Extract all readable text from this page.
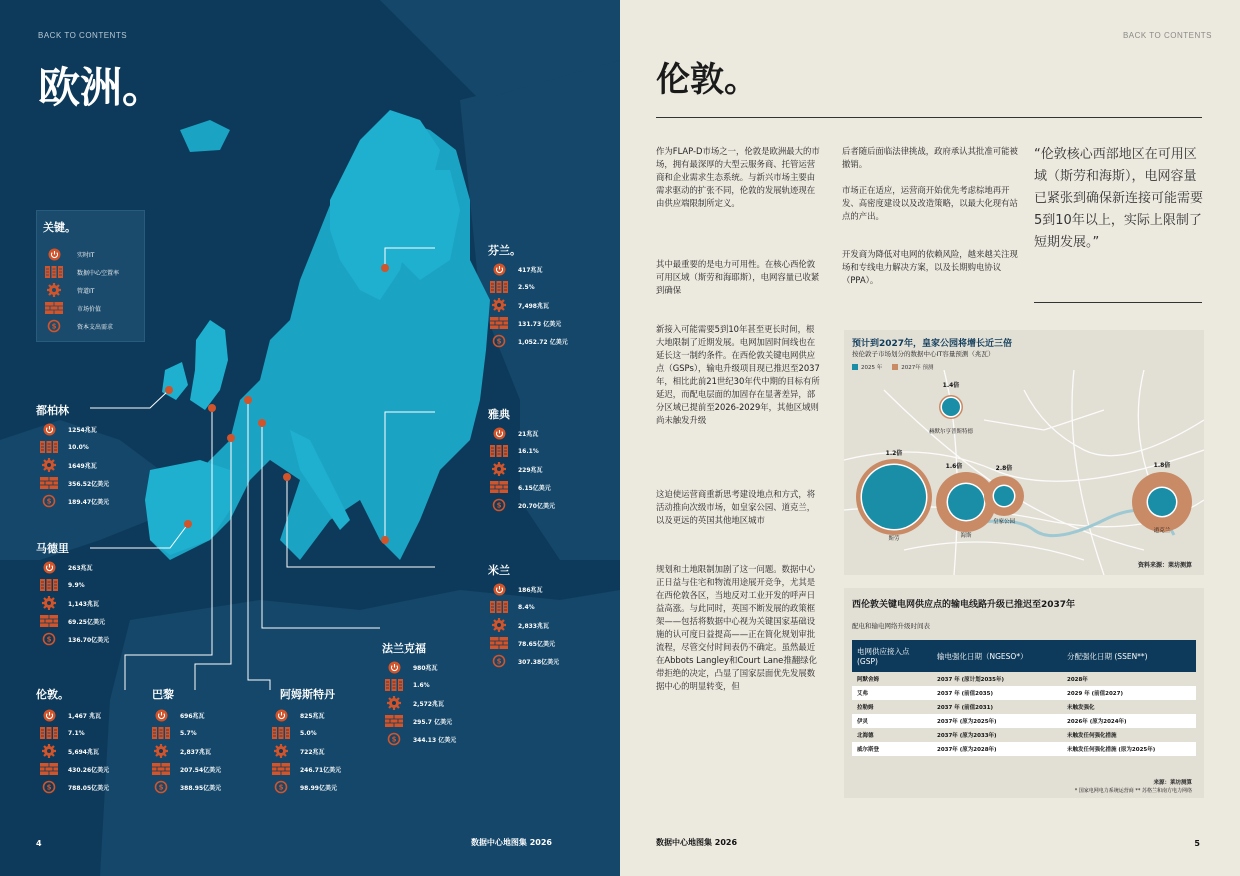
BACK TO CONTENTS
欧洲。
关键。
实时IT
数据中心空置率
管道IT
市场价值
$	资本支出需求
芬兰。
417兆瓦
2.5%
7,498兆瓦
131.73 亿美元
$	1,052.72 亿美元
都柏林
1254兆瓦
10.0%
1649兆瓦
356.52亿美元
$	189.47亿美元
雅典
21兆瓦
16.1%
229兆瓦
6.15亿美元
$	20.70亿美元
马德里
263兆瓦
9.9%
1,143兆瓦
69.25亿美元
$	136.70亿美元
米兰
186兆瓦
8.4%
2,833兆瓦
78.65亿美元
$	307.38亿美元
法兰克福
980兆瓦
1.6%
2,572兆瓦
295.7 亿美元
$	344.13 亿美元
伦敦。
1,467 兆瓦
7.1%
5,694兆瓦
430.26亿美元
$	788.05亿美元
巴黎
696兆瓦
5.7%
2,837兆瓦
207.54亿美元
$	388.95亿美元
阿姆斯特丹
825兆瓦
5.0%
722兆瓦
246.71亿美元
$	98.99亿美元
4	数据中心地图集 2026
BACK TO CONTENTS
伦敦。
作为FLAP-D市场之一，伦敦是欧洲最大的市场，拥有最深厚的大型云服务商、托管运营商和企业需求生态系统。与新兴市场主要由需求驱动的扩张不同，伦敦的发展轨迹现在由供应端限制所定义。
其中最重要的是电力可用性。在核心西伦敦可用区域（斯劳和海耶斯），电网容量已收紧到确保
新接入可能需要5到10年甚至更长时间，根大地限制了近期发展。电网加固时间线也在延长这一制约条件。在西伦敦关键电网供应点（GSPs），输电升级项目现已推迟至2037年，相比此前21世纪30年代中期的目标有所延迟，而配电层面的加固存在显著差异，部分区域已提前至2026-2029年，其他区域则尚未触发升级
这迫使运营商重新思考建设地点和方式，将活动推向次级市场，如皇家公园、道克兰，以及更远的英国其他地区城市
规划和土地限制加剧了这一问题。数据中心正日益与住宅和物流用途展开竞争，尤其是在西伦敦各区，当地反对工业开发的呼声日益高涨。与此同时，英国不断发展的政策框架——包括将数据中心视为关键国家基础设施的认可度日益提高——正在简化规划审批流程，尽管交付时间表仍不确定。虽然最近在Abbots Langley和Court Lane推翻绿化带拒绝的决定，凸显了国家层面优先发展数据中心的明显转变，但
后者随后面临法律挑战，政府承认其批准可能被撤销。
市场正在适应，运营商开始优先考虑棕地再开发、高密度建设以及改造策略，以最大化现有站点的产出。
开发商为降低对电网的依赖风险，越来越关注现场和专线电力解决方案，以及长期购电协议（PPA）。
“伦敦核心西部地区在可用区域（斯劳和海斯），电网容量已紧张到确保新连接可能需要5到10年以上，实际上限制了短期发展。”
预计到2027年，皇家公园将增长近三倍
按伦敦子市场划分的数据中心IT容量预测（兆瓦）
2025 年	2027年 预测
1.4倍
赫默尔亨普斯特德
1.2倍
斯劳
1.6倍
海斯
2.8倍
皇家公园
1.8倍
道克兰
资料来源：莱坊测算
西伦敦关键电网供应点的输电线路升级已推迟至2037年
配电和输电网络升级时间表
电网供应接入点 (GSP)	输电强化日期（NGESO*）	分配强化日期 (SSEN**)
阿默舍姆	2037 年 (原计划2035年)	2028年
艾弗	2037 年 (前值2035)	2029 年 (前值2027)
拉勒姆	2037 年 (前值2031)	未触发强化
伊灵	2037年 (原为2025年)	2026年 (原为2024年)
北海德	2037年 (原为2033年)	未触发任何强化措施
威尔斯登	2037年 (原为2028年)	未触发任何强化措施 (原为2025年)
来源：莱坊测算
* 国家电网电力系统运营商 ** 苏格兰和南方电力网络
数据中心地图集 2026	5
